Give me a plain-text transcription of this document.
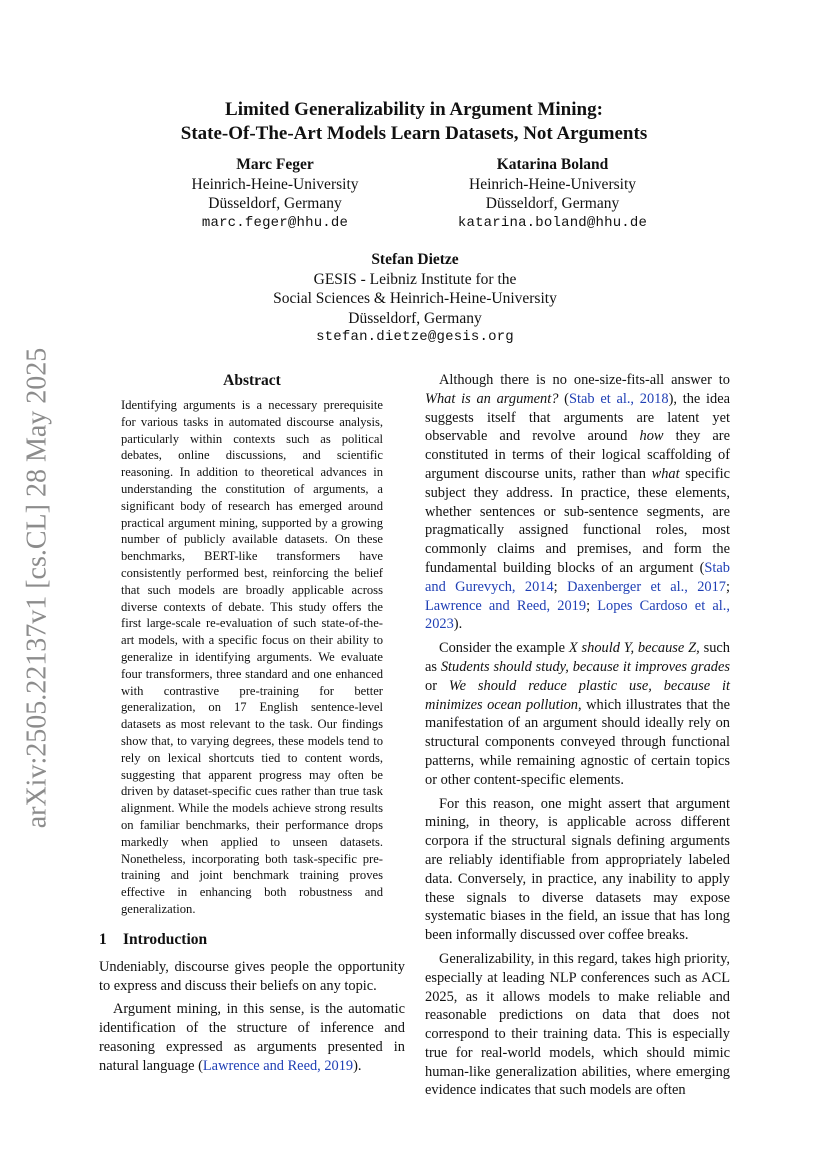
arXiv:2505.22137v1 [cs.CL] 28 May 2025
Limited Generalizability in Argument Mining:
State-Of-The-Art Models Learn Datasets, Not Arguments
Marc Feger
Heinrich-Heine-University
Düsseldorf, Germany
marc.feger@hhu.de
Katarina Boland
Heinrich-Heine-University
Düsseldorf, Germany
katarina.boland@hhu.de
Stefan Dietze
GESIS - Leibniz Institute for the
Social Sciences & Heinrich-Heine-University
Düsseldorf, Germany
stefan.dietze@gesis.org
Abstract
Identifying arguments is a necessary prerequisite for various tasks in automated discourse analysis, particularly within contexts such as political debates, online discussions, and scientific reasoning. In addition to theoretical advances in understanding the constitution of arguments, a significant body of research has emerged around practical argument mining, supported by a growing number of publicly available datasets. On these benchmarks, BERT-like transformers have consistently performed best, reinforcing the belief that such models are broadly applicable across diverse contexts of debate. This study offers the first large-scale re-evaluation of such state-of-the-art models, with a specific focus on their ability to generalize in identifying arguments. We evaluate four transformers, three standard and one enhanced with contrastive pre-training for better generalization, on 17 English sentence-level datasets as most relevant to the task. Our findings show that, to varying degrees, these models tend to rely on lexical shortcuts tied to content words, suggesting that apparent progress may often be driven by dataset-specific cues rather than true task alignment. While the models achieve strong results on familiar benchmarks, their performance drops markedly when applied to unseen datasets. Nonetheless, incorporating both task-specific pre-training and joint benchmark training proves effective in enhancing both robustness and generalization.
1 Introduction

Undeniably, discourse gives people the opportunity to express and discuss their beliefs on any topic.

Argument mining, in this sense, is the automatic identification of the structure of inference and reasoning expressed as arguments presented in natural language (Lawrence and Reed, 2019).

Although there is no one-size-fits-all answer to What is an argument? (Stab et al., 2018), the idea suggests itself that arguments are latent yet observable and revolve around how they are constituted in terms of their logical scaffolding of argument discourse units, rather than what specific subject they address. In practice, these elements, whether sentences or sub-sentence segments, are pragmatically assigned functional roles, most commonly claims and premises, and form the fundamental building blocks of an argument (Stab and Gurevych, 2014; Daxenberger et al., 2017; Lawrence and Reed, 2019; Lopes Cardoso et al., 2023).

Consider the example X should Y, because Z, such as Students should study, because it improves grades or We should reduce plastic use, because it minimizes ocean pollution, which illustrates that the manifestation of an argument should ideally rely on structural components conveyed through functional patterns, while remaining agnostic of certain topics or other content-specific elements.

For this reason, one might assert that argument mining, in theory, is applicable across different corpora if the structural signals defining arguments are reliably identifiable from appropriately labeled data. Conversely, in practice, any inability to apply these signals to diverse datasets may expose systematic biases in the field, an issue that has long been informally discussed over coffee breaks.

Generalizability, in this regard, takes high priority, especially at leading NLP conferences such as ACL 2025, as it allows models to make reliable and reasonable predictions on data that does not correspond to their training data. This is especially true for real-world models, which should mimic human-like generalization abilities, where emerging evidence indicates that such models are often
